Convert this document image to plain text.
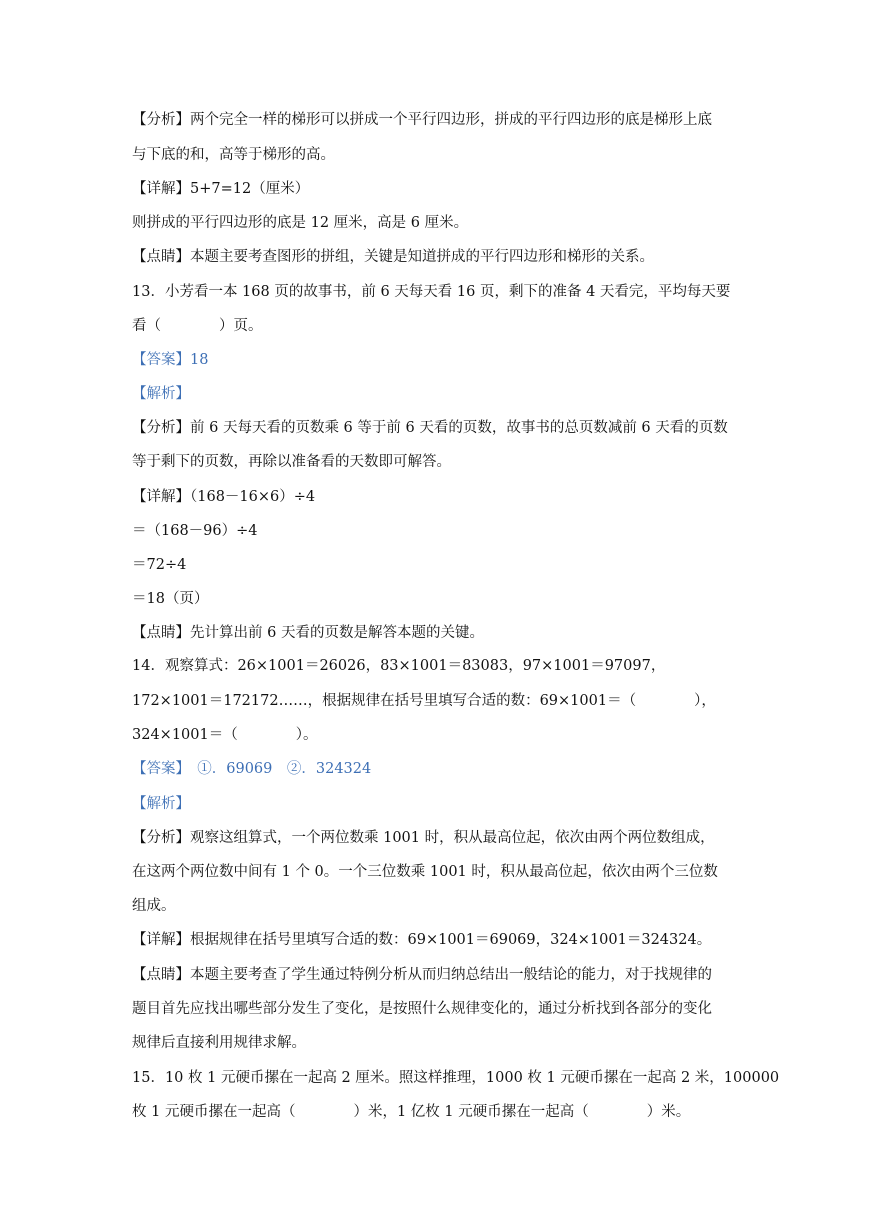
【分析】两个完全一样的梯形可以拼成一个平行四边形，拼成的平行四边形的底是梯形上底
与下底的和，高等于梯形的高。
【详解】5+7=12（厘米）
则拼成的平行四边形的底是 12 厘米，高是 6 厘米。
【点睛】本题主要考查图形的拼组，关键是知道拼成的平行四边形和梯形的关系。
13．小芳看一本 168 页的故事书，前 6 天每天看 16 页，剩下的准备 4 天看完，平均每天要
看（　　　　）页。
【答案】18
【解析】
【分析】前 6 天每天看的页数乘 6 等于前 6 天看的页数，故事书的总页数减前 6 天看的页数
等于剩下的页数，再除以准备看的天数即可解答。
【详解】（168－16×6）÷4
＝（168－96）÷4
＝72÷4
＝18（页）
【点睛】先计算出前 6 天看的页数是解答本题的关键。
14．观察算式：26×1001＝26026，83×1001＝83083，97×1001＝97097，
172×1001＝172172……，根据规律在括号里填写合适的数：69×1001＝（　　　　），
324×1001＝（　　　　）。
【答案】　①．69069　②．324324
【解析】
【分析】观察这组算式，一个两位数乘 1001 时，积从最高位起，依次由两个两位数组成，
在这两个两位数中间有 1 个 0。一个三位数乘 1001 时，积从最高位起，依次由两个三位数
组成。
【详解】根据规律在括号里填写合适的数：69×1001＝69069，324×1001＝324324。
【点睛】本题主要考查了学生通过特例分析从而归纳总结出一般结论的能力，对于找规律的
题目首先应找出哪些部分发生了变化，是按照什么规律变化的，通过分析找到各部分的变化
规律后直接利用规律求解。
15．10 枚 1 元硬币摞在一起高 2 厘米。照这样推理，1000 枚 1 元硬币摞在一起高 2 米，100000
枚 1 元硬币摞在一起高（　　　　）米，1 亿枚 1 元硬币摞在一起高（　　　　）米。
